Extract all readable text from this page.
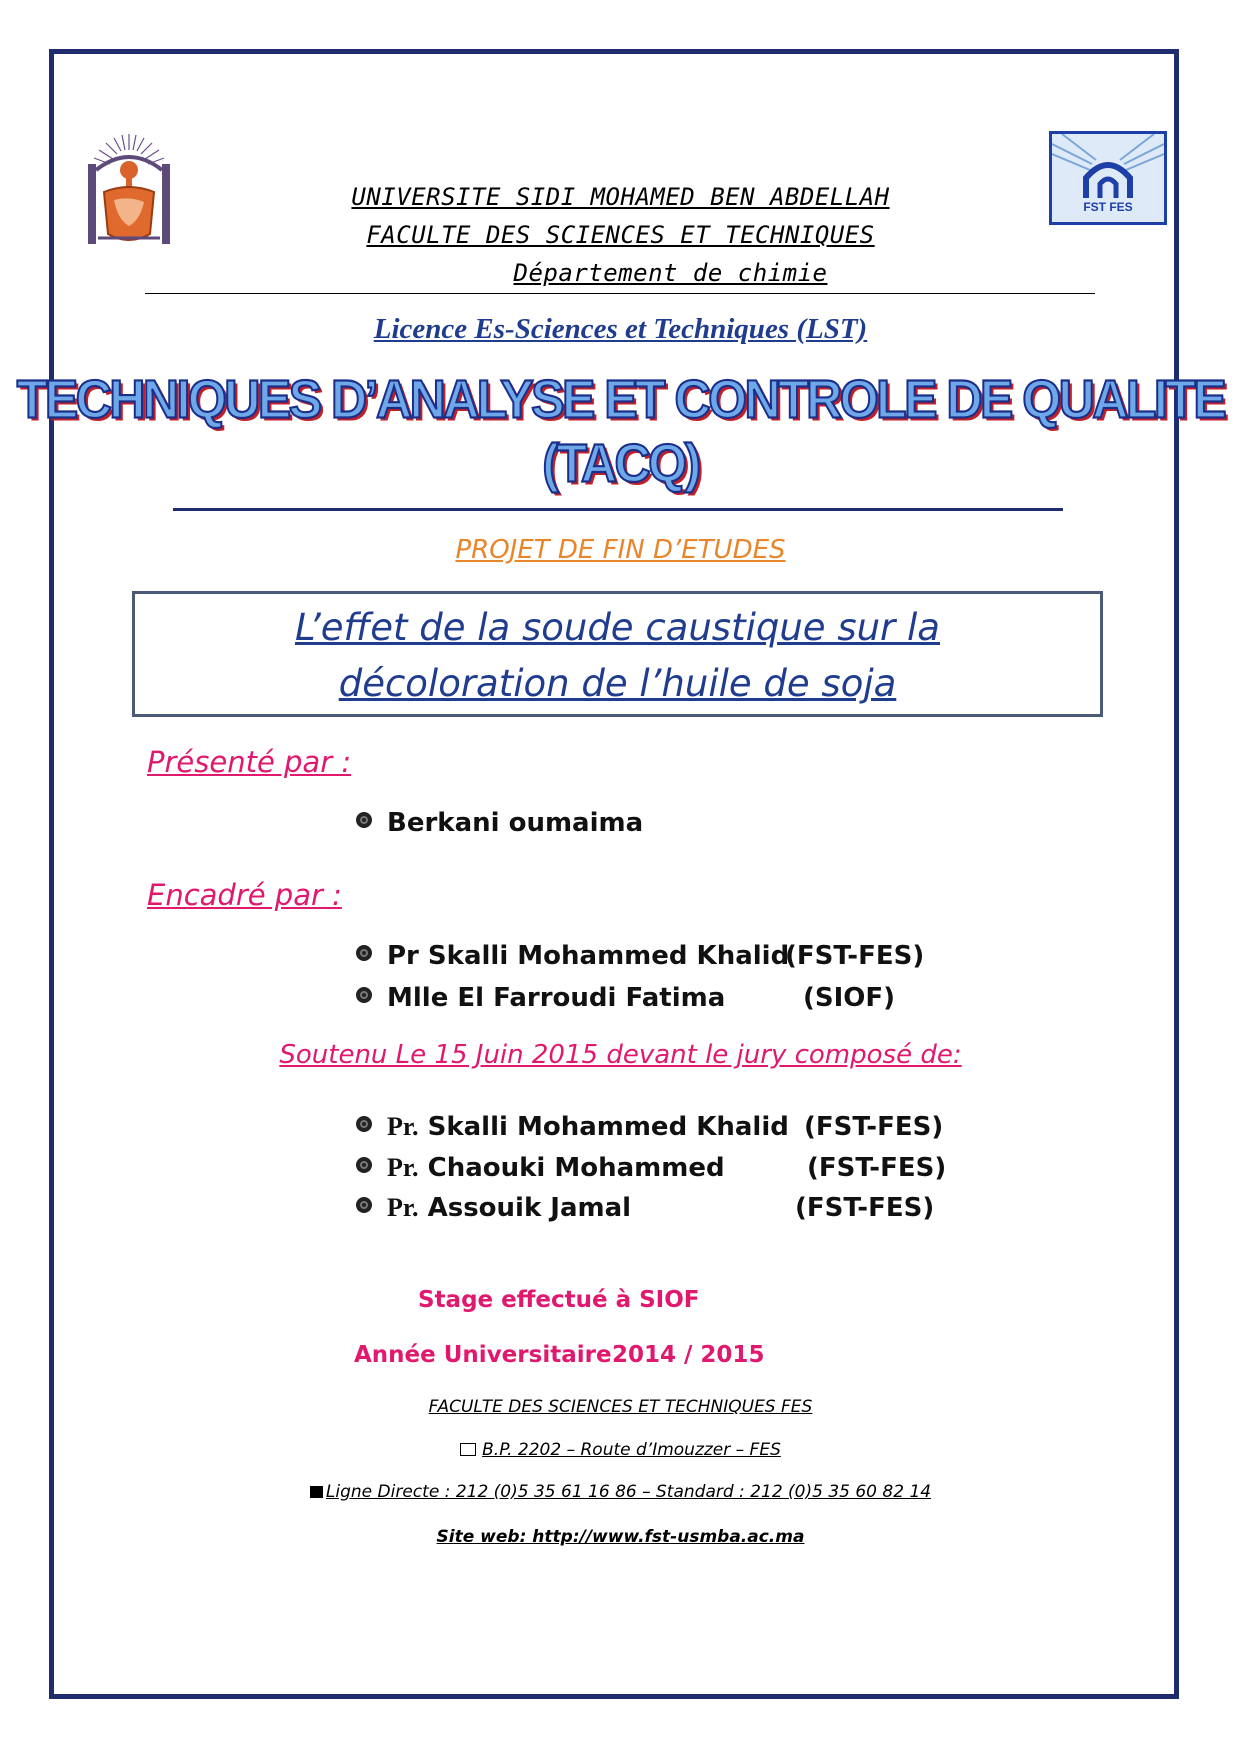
FST FES
UNIVERSITE SIDI MOHAMED BEN ABDELLAH
FACULTE DES SCIENCES ET TECHNIQUES
Département de chimie
Licence Es-Sciences et Techniques (LST)
TECHNIQUES D’ANALYSE ET CONTROLE DE QUALITE
(TACQ)
PROJET DE FIN D’ETUDES
L’effet de la soude caustique sur la
décoloration de l’huile de soja
Présenté par :
Berkani oumaima
Encadré par :
Pr Skalli Mohammed Khalid
(FST-FES)
Mlle El Farroudi Fatima	(SIOF)
Soutenu Le 15 Juin 2015 devant le jury composé de:
Pr. Skalli Mohammed Khalid (FST-FES)
Pr. Chaouki Mohammed	(FST-FES)
Pr. Assouik Jamal	(FST-FES)
Stage effectué à SIOF
Année Universitaire 2014 / 2015
FACULTE DES SCIENCES ET TECHNIQUES FES
B.P. 2202 – Route d’Imouzzer – FES
Ligne Directe : 212 (0)5 35 61 16 86 – Standard : 212 (0)5 35 60 82 14
Site web: http://www.fst-usmba.ac.ma
